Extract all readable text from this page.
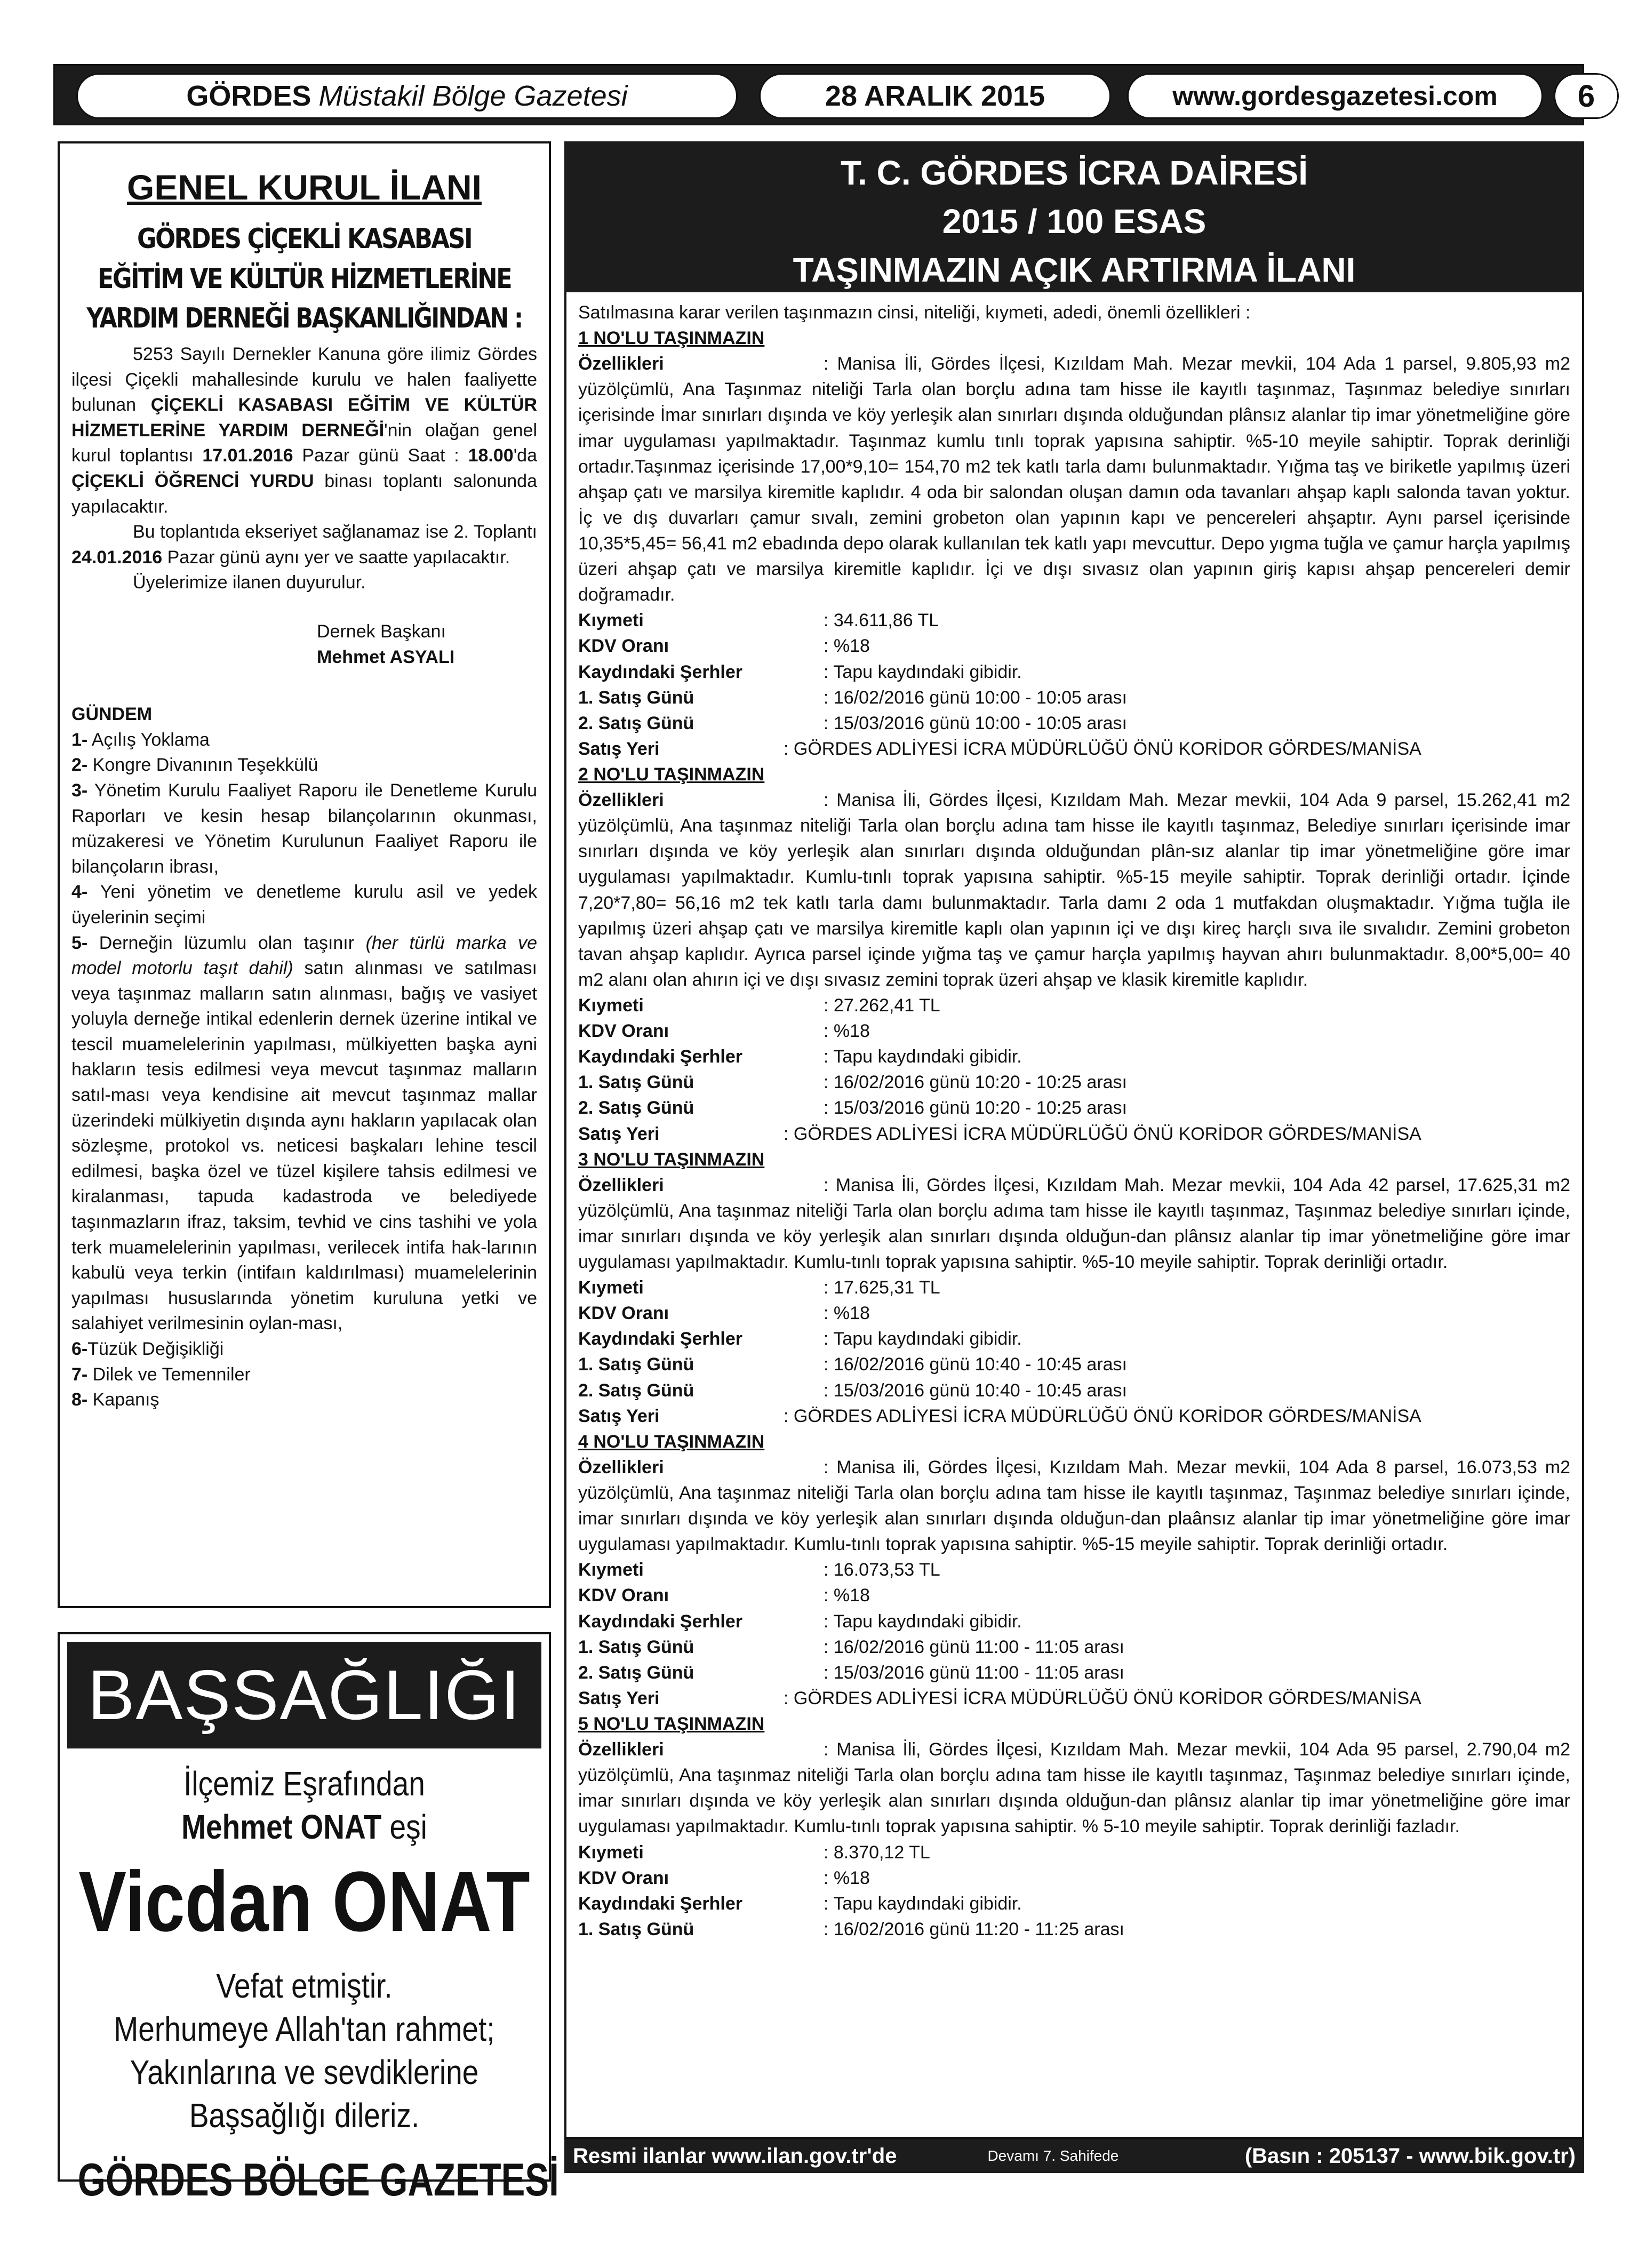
GÖRDES Müstakil Bölge Gazetesi	28 ARALIK 2015	www.gordesgazetesi.com	6
GENEL KURUL İLANI
GÖRDES ÇİÇEKLİ KASABASI
EĞİTİM VE KÜLTÜR HİZMETLERİNE
YARDIM DERNEĞİ BAŞKANLIĞINDAN :

5253 Sayılı Dernekler Kanuna göre ilimiz Gördes ilçesi Çiçekli mahallesinde kurulu ve halen faaliyette bulunan ÇİÇEKLİ KASABASI EĞİTİM VE KÜLTÜR HİZMETLERİNE YARDIM DERNEĞİ'nin olağan genel kurul toplantısı 17.01.2016 Pazar günü Saat : 18.00'da ÇİÇEKLİ ÖĞRENCİ YURDU binası toplantı salonunda yapılacaktır.

Bu toplantıda ekseriyet sağlanamaz ise 2. Toplantı 24.01.2016 Pazar günü aynı yer ve saatte yapılacaktır.

Üyelerimize ilanen duyurulur.

Dernek Başkanı
Mehmet ASYALI
GÜNDEM
1- Açılış Yoklama
2- Kongre Divanının Teşekkülü
3- Yönetim Kurulu Faaliyet Raporu ile Denetleme Kurulu Raporları ve kesin hesap bilançolarının okunması, müzakeresi ve Yönetim Kurulunun Faaliyet Raporu ile bilançoların ibrası,
4- Yeni yönetim ve denetleme kurulu asil ve yedek üyelerinin seçimi
5- Derneğin lüzumlu olan taşınır (her türlü marka ve model motorlu taşıt dahil) satın alınması ve satılması veya taşınmaz malların satın alınması, bağış ve vasiyet yoluyla derneğe intikal edenlerin dernek üzerine intikal ve tescil muamelelerinin yapılması, mülkiyetten başka ayni hakların tesis edilmesi veya mevcut taşınmaz malların satıl-ması veya kendisine ait mevcut taşınmaz mallar üzerindeki mülkiyetin dışında aynı hakların yapılacak olan sözleşme, protokol vs. neticesi başkaları lehine tescil edilmesi, başka özel ve tüzel kişilere tahsis edilmesi ve kiralanması, tapuda kadastroda ve belediyede taşınmazların ifraz, taksim, tevhid ve cins tashihi ve yola terk muamelelerinin yapılması, verilecek intifa hak-larının kabulü veya terkin (intifaın kaldırılması) muamelelerinin yapılması hususlarında yönetim kuruluna yetki ve salahiyet verilmesinin oylan-ması,
6-Tüzük Değişikliği
7- Dilek ve Temenniler
8- Kapanış
BAŞSAĞLIĞI
İlçemiz Eşrafından
Mehmet ONAT eşi
Vicdan ONAT
Vefat etmiştir.
Merhumeye Allah'tan rahmet;
Yakınlarına ve sevdiklerine
Başsağlığı dileriz.
GÖRDES BÖLGE GAZETESİ
T. C. GÖRDES İCRA DAİRESİ
2015 / 100 ESAS
TAŞINMAZIN AÇIK ARTIRMA İLANI

Satılmasına karar verilen taşınmazın cinsi, niteliği, kıymeti, adedi, önemli özellikleri :

1 NO'LU TAŞINMAZIN

Özellikleri	: Manisa İli, Gördes İlçesi, Kızıldam Mah. Mezar mevkii, 104 Ada 1 parsel, 9.805,93 m2 yüzölçümlü, Ana Taşınmaz niteliği Tarla olan borçlu adına tam hisse ile kayıtlı taşınmaz, Taşınmaz belediye sınırları içerisinde İmar sınırları dışında ve köy yerleşik alan sınırları dışında olduğundan plânsız alanlar tip imar yönetmeliğine göre imar uygulaması yapılmaktadır. Taşınmaz kumlu tınlı toprak yapısına sahiptir. %5-10 meyile sahiptir. Toprak derinliği ortadır.Taşınmaz içerisinde 17,00*9,10= 154,70 m2 tek katlı tarla damı bulunmaktadır. Yığma taş ve biriketle yapılmış üzeri ahşap çatı ve marsilya kiremitle kaplıdır. 4 oda bir salondan oluşan damın oda tavanları ahşap kaplı salonda tavan yoktur. İç ve dış duvarları çamur sıvalı, zemini grobeton olan yapının kapı ve pencereleri ahşaptır. Aynı parsel içerisinde 10,35*5,45= 56,41 m2 ebadında depo olarak kullanılan tek katlı yapı mevcuttur. Depo yıgma tuğla ve çamur harçla yapılmış üzeri ahşap çatı ve marsilya kiremitle kaplıdır. İçi ve dışı sıvasız olan yapının giriş kapısı ahşap pencereleri demir doğramadır.

Kıymeti	: 34.611,86 TL
KDV Oranı	: %18
Kaydındaki Şerhler	: Tapu kaydındaki gibidir.
1. Satış Günü	: 16/02/2016 günü 10:00 - 10:05 arası
2. Satış Günü	: 15/03/2016 günü 10:00 - 10:05 arası
Satış Yeri	: GÖRDES ADLİYESİ İCRA MÜDÜRLÜĞÜ ÖNÜ KORİDOR GÖRDES/MANİSA
2 NO'LU TAŞINMAZIN

Özellikleri	: Manisa İli, Gördes İlçesi, Kızıldam Mah. Mezar mevkii, 104 Ada 9 parsel, 15.262,41 m2 yüzölçümlü, Ana taşınmaz niteliği Tarla olan borçlu adına tam hisse ile kayıtlı taşınmaz, Belediye sınırları içerisinde imar sınırları dışında ve köy yerleşik alan sınırları dışında olduğundan plân-sız alanlar tip imar yönetmeliğine göre imar uygulaması yapılmaktadır. Kumlu-tınlı toprak yapısına sahiptir. %5-15 meyile sahiptir. Toprak derinliği ortadır. İçinde 7,20*7,80= 56,16 m2 tek katlı tarla damı bulunmaktadır. Tarla damı 2 oda 1 mutfakdan oluşmaktadır. Yığma tuğla ile yapılmış üzeri ahşap çatı ve marsilya kiremitle kaplı olan yapının içi ve dışı kireç harçlı sıva ile sıvalıdır. Zemini grobeton tavan ahşap kaplıdır. Ayrıca parsel içinde yığma taş ve çamur harçla yapılmış hayvan ahırı bulunmaktadır. 8,00*5,00= 40 m2 alanı olan ahırın içi ve dışı sıvasız zemini toprak üzeri ahşap ve klasik kiremitle kaplıdır.

Kıymeti	: 27.262,41 TL
KDV Oranı	: %18
Kaydındaki Şerhler	: Tapu kaydındaki gibidir.
1. Satış Günü	: 16/02/2016 günü 10:20 - 10:25 arası
2. Satış Günü	: 15/03/2016 günü 10:20 - 10:25 arası
Satış Yeri	: GÖRDES ADLİYESİ İCRA MÜDÜRLÜĞÜ ÖNÜ KORİDOR GÖRDES/MANİSA
3 NO'LU TAŞINMAZIN

Özellikleri	: Manisa İli, Gördes İlçesi, Kızıldam Mah. Mezar mevkii, 104 Ada 42 parsel, 17.625,31 m2 yüzölçümlü, Ana taşınmaz niteliği Tarla olan borçlu adıma tam hisse ile kayıtlı taşınmaz, Taşınmaz belediye sınırları içinde, imar sınırları dışında ve köy yerleşik alan sınırları dışında olduğun-dan plânsız alanlar tip imar yönetmeliğine göre imar uygulaması yapılmaktadır. Kumlu-tınlı toprak yapısına sahiptir. %5-10 meyile sahiptir. Toprak derinliği ortadır.

Kıymeti	: 17.625,31 TL
KDV Oranı	: %18
Kaydındaki Şerhler	: Tapu kaydındaki gibidir.
1. Satış Günü	: 16/02/2016 günü 10:40 - 10:45 arası
2. Satış Günü	: 15/03/2016 günü 10:40 - 10:45 arası
Satış Yeri	: GÖRDES ADLİYESİ İCRA MÜDÜRLÜĞÜ ÖNÜ KORİDOR GÖRDES/MANİSA
4 NO'LU TAŞINMAZIN

Özellikleri	: Manisa ili, Gördes İlçesi, Kızıldam Mah. Mezar mevkii, 104 Ada 8 parsel, 16.073,53 m2 yüzölçümlü, Ana taşınmaz niteliği Tarla olan borçlu adına tam hisse ile kayıtlı taşınmaz, Taşınmaz belediye sınırları içinde, imar sınırları dışında ve köy yerleşik alan sınırları dışında olduğun-dan plaânsız alanlar tip imar yönetmeliğine göre imar uygulaması yapılmaktadır. Kumlu-tınlı toprak yapısına sahiptir. %5-15 meyile sahiptir. Toprak derinliği ortadır.

Kıymeti	: 16.073,53 TL
KDV Oranı	: %18
Kaydındaki Şerhler	: Tapu kaydındaki gibidir.
1. Satış Günü	: 16/02/2016 günü 11:00 - 11:05 arası
2. Satış Günü	: 15/03/2016 günü 11:00 - 11:05 arası
Satış Yeri	: GÖRDES ADLİYESİ İCRA MÜDÜRLÜĞÜ ÖNÜ KORİDOR GÖRDES/MANİSA
5 NO'LU TAŞINMAZIN

Özellikleri	: Manisa İli, Gördes İlçesi, Kızıldam Mah. Mezar mevkii, 104 Ada 95 parsel, 2.790,04 m2 yüzölçümlü, Ana taşınmaz niteliği Tarla olan borçlu adına tam hisse ile kayıtlı taşınmaz, Taşınmaz belediye sınırları içinde, imar sınırları dışında ve köy yerleşik alan sınırları dışında olduğun-dan plânsız alanlar tip imar yönetmeliğine göre imar uygulaması yapılmaktadır. Kumlu-tınlı toprak yapısına sahiptir. % 5-10 meyile sahiptir. Toprak derinliği fazladır.

Kıymeti	: 8.370,12 TL
KDV Oranı	: %18
Kaydındaki Şerhler	: Tapu kaydındaki gibidir.
1. Satış Günü	: 16/02/2016 günü 11:20 - 11:25 arası
Resmi ilanlar www.ilan.gov.tr'de	Devamı 7. Sahifede	(Basın : 205137 - www.bik.gov.tr)
